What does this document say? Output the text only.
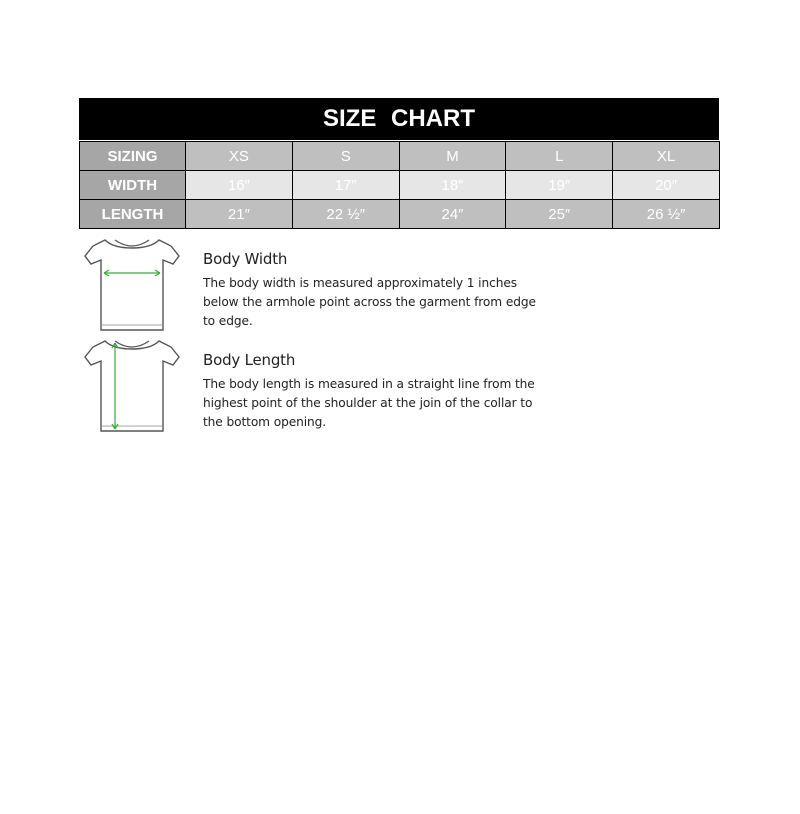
SIZE CHART
SIZING	XS	S	M	L	XL
WIDTH	16″	17″	18″	19″	20″
LENGTH	21″	22 ½″	24″	25″	26 ½″
Body Width
The body width is measured approximately 1 inches
below the armhole point across the garment from edge
to edge.
Body Length
The body length is measured in a straight line from the
highest point of the shoulder at the join of the collar to
the bottom opening.
